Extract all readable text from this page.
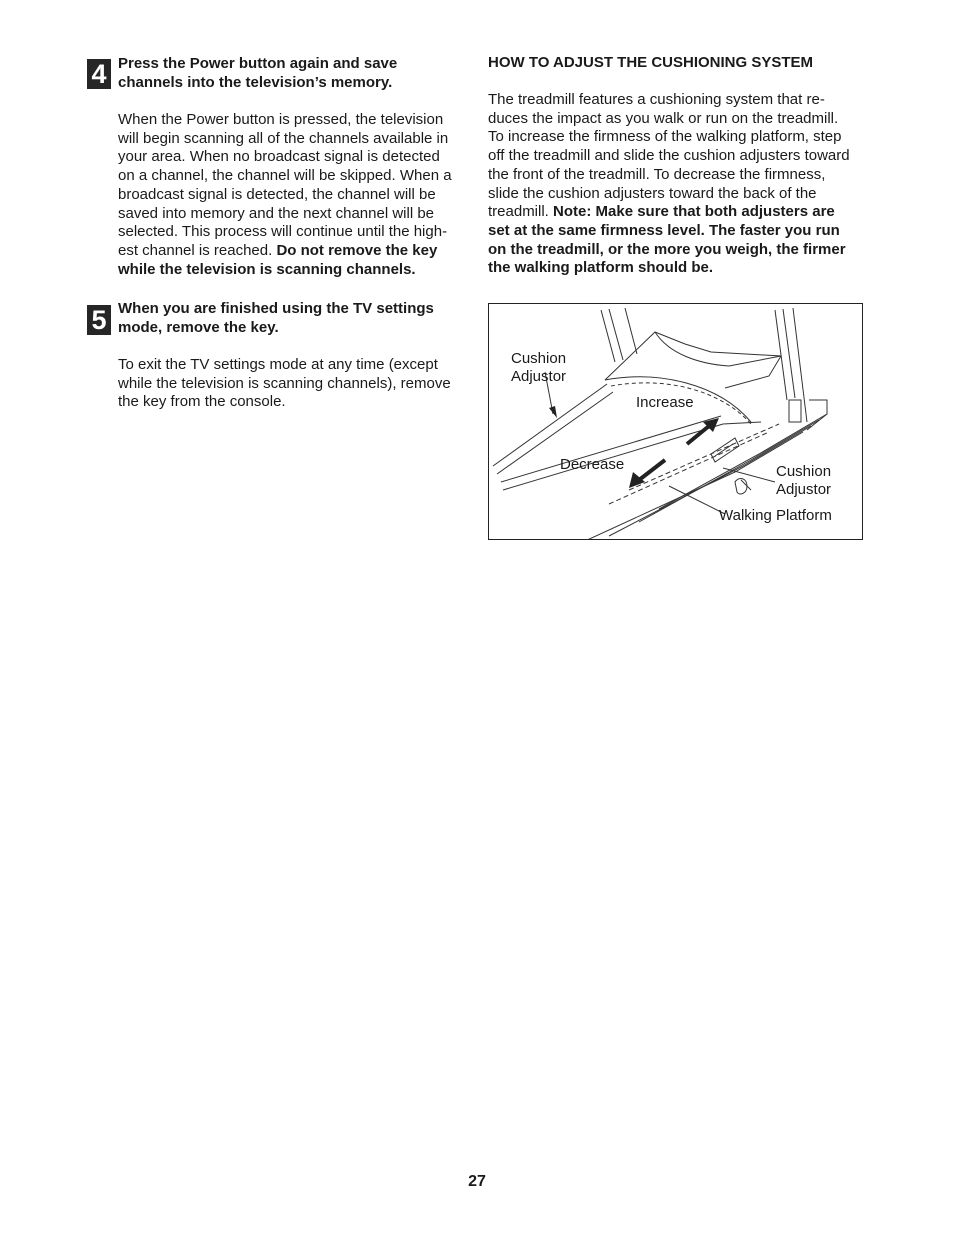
4 Press the Power button again and save
channels into the television’s memory.
When the Power button is pressed, the television
will begin scanning all of the channels available in
your area. When no broadcast signal is detected
on a channel, the channel will be skipped. When a
broadcast signal is detected, the channel will be
saved into memory and the next channel will be
selected. This process will continue until the high-
est channel is reached. Do not remove the key
while the television is scanning channels.
5 When you are finished using the TV settings
mode, remove the key.
To exit the TV settings mode at any time (except
while the television is scanning channels), remove
the key from the console.
HOW TO ADJUST THE CUSHIONING SYSTEM
The treadmill features a cushioning system that re-
duces the impact as you walk or run on the treadmill.
To increase the firmness of the walking platform, step
off the treadmill and slide the cushion adjusters toward
the front of the treadmill. To decrease the firmness,
slide the cushion adjusters toward the back of the
treadmill. Note: Make sure that both adjusters are
set at the same firmness level. The faster you run
on the treadmill, or the more you weigh, the firmer
the walking platform should be.
Cushion
Adjustor
Increase
Decrease	Cushion
Adjustor
Walking Platform
27
